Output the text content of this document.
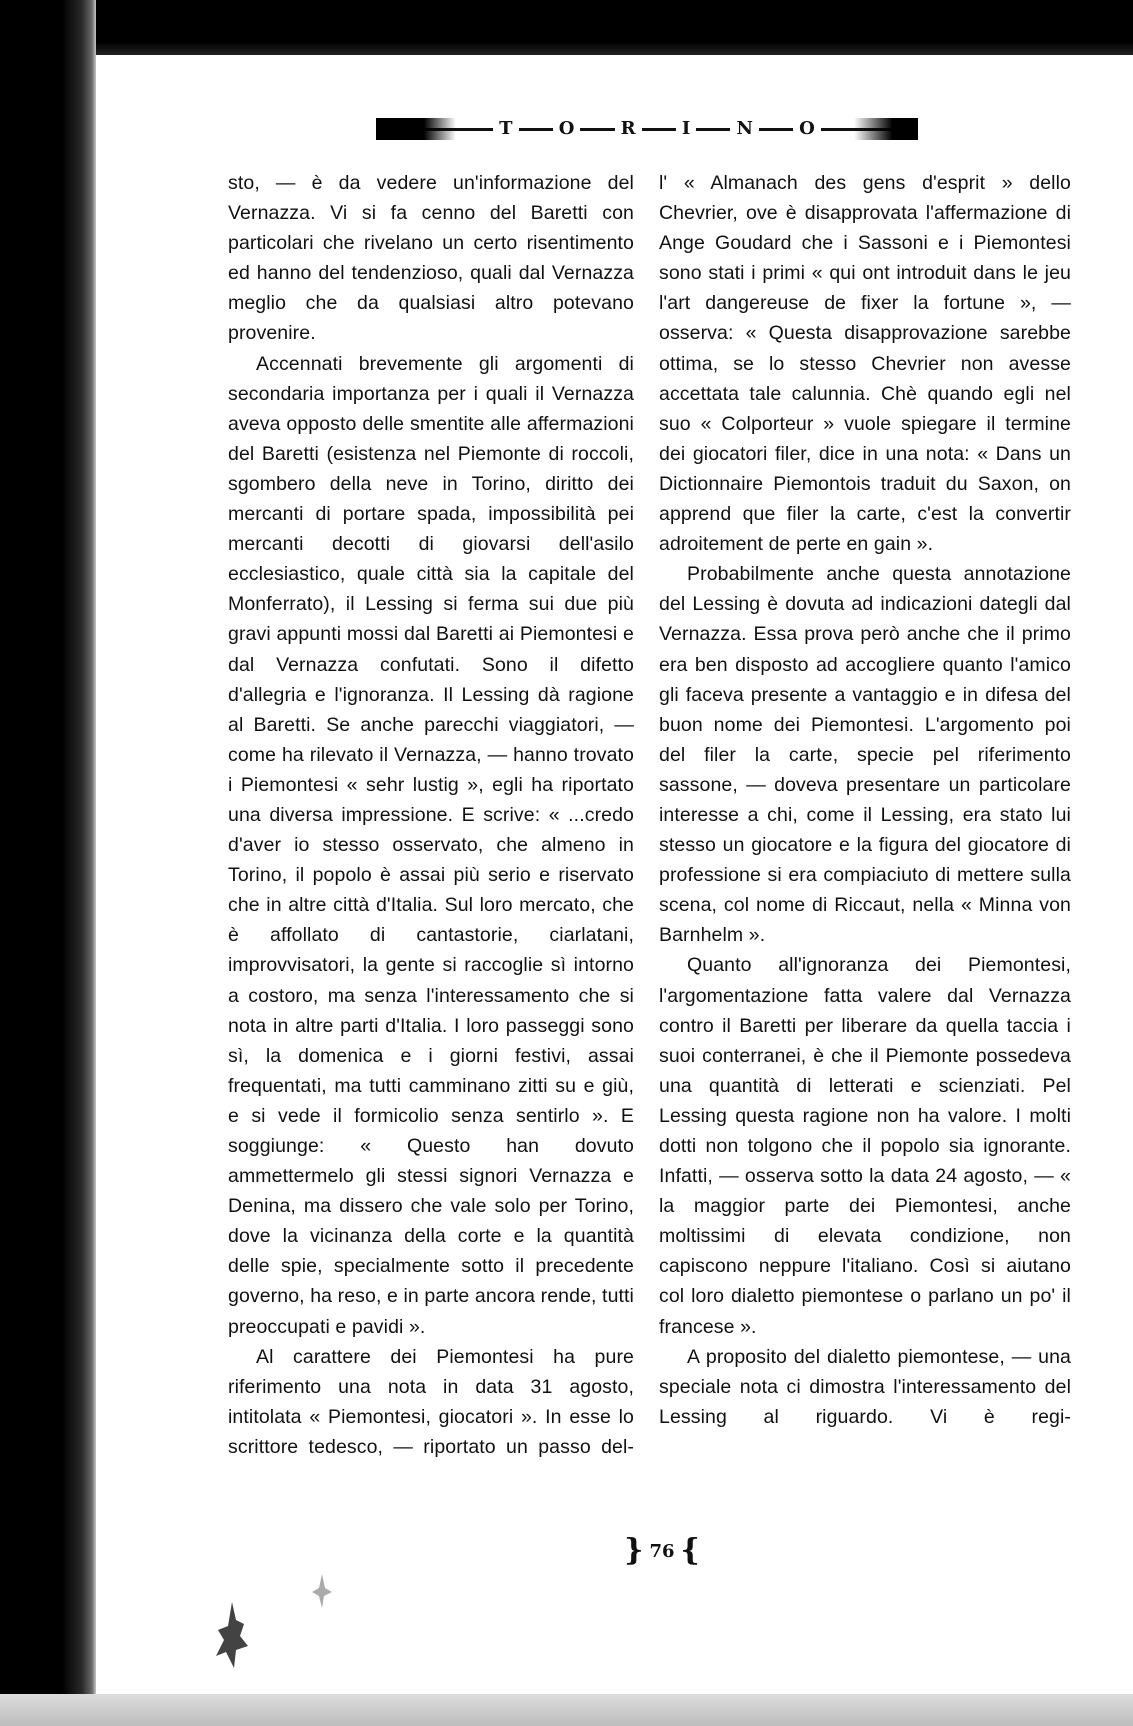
T	O	R	I	N	O

sto, — è da vedere un'informazione del Vernazza. Vi si fa cenno del Baretti con particolari che rivelano un certo risentimento ed hanno del tendenzioso, quali dal Vernazza meglio che da qualsiasi altro potevano provenire.

Accennati brevemente gli argomenti di secondaria importanza per i quali il Vernazza aveva opposto delle smentite alle affermazioni del Baretti (esistenza nel Piemonte di roccoli, sgombero della neve in Torino, diritto dei mercanti di portare spada, impossibilità pei mercanti decotti di giovarsi dell'asilo ecclesiastico, quale città sia la capitale del Monferrato), il Lessing si ferma sui due più gravi appunti mossi dal Baretti ai Piemontesi e dal Vernazza confutati. Sono il difetto d'allegria e l'ignoranza. Il Lessing dà ragione al Baretti. Se anche parecchi viaggiatori, — come ha rilevato il Vernazza, — hanno trovato i Piemontesi « sehr lustig », egli ha riportato una diversa impressione. E scrive: « ...credo d'aver io stesso osservato, che almeno in Torino, il popolo è assai più serio e riservato che in altre città d'Italia. Sul loro mercato, che è affollato di cantastorie, ciarlatani, improvvisatori, la gente si raccoglie sì intorno a costoro, ma senza l'interessamento che si nota in altre parti d'Italia. I loro passeggi sono sì, la domenica e i giorni festivi, assai frequentati, ma tutti camminano zitti su e giù, e si vede il formicolio senza sentirlo ». E soggiunge: « Questo han dovuto ammettermelo gli stessi signori Vernazza e Denina, ma dissero che vale solo per Torino, dove la vicinanza della corte e la quantità delle spie, specialmente sotto il precedente governo, ha reso, e in parte ancora rende, tutti preoccupati e pavidi ».

Al carattere dei Piemontesi ha pure riferimento una nota in data 31 agosto, intitolata « Piemontesi, giocatori ». In esse lo scrittore tedesco, — riportato un passo del-

l' « Almanach des gens d'esprit » dello Chevrier, ove è disapprovata l'affermazione di Ange Goudard che i Sassoni e i Piemontesi sono stati i primi « qui ont introduit dans le jeu l'art dangereuse de fixer la fortune », — osserva: « Questa disapprovazione sarebbe ottima, se lo stesso Chevrier non avesse accettata tale calunnia. Chè quando egli nel suo « Colporteur » vuole spiegare il termine dei giocatori filer, dice in una nota: « Dans un Dictionnaire Piemontois traduit du Saxon, on apprend que filer la carte, c'est la convertir adroitement de perte en gain ».

Probabilmente anche questa annotazione del Lessing è dovuta ad indicazioni dategli dal Vernazza. Essa prova però anche che il primo era ben disposto ad accogliere quanto l'amico gli faceva presente a vantaggio e in difesa del buon nome dei Piemontesi. L'argomento poi del filer la carte, specie pel riferimento sassone, — doveva presentare un particolare interesse a chi, come il Lessing, era stato lui stesso un giocatore e la figura del giocatore di professione si era compiaciuto di mettere sulla scena, col nome di Riccaut, nella « Minna von Barnhelm ».

Quanto all'ignoranza dei Piemontesi, l'argomentazione fatta valere dal Vernazza contro il Baretti per liberare da quella taccia i suoi conterranei, è che il Piemonte possedeva una quantità di letterati e scienziati. Pel Lessing questa ragione non ha valore. I molti dotti non tolgono che il popolo sia ignorante. Infatti, — osserva sotto la data 24 agosto, — « la maggior parte dei Piemontesi, anche moltissimi di elevata condizione, non capiscono neppure l'italiano. Così si aiutano col loro dialetto piemontese o parlano un po' il francese ».

A proposito del dialetto piemontese, — una speciale nota ci dimostra l'interessamento del Lessing al riguardo. Vi è regi-

} 76 {
